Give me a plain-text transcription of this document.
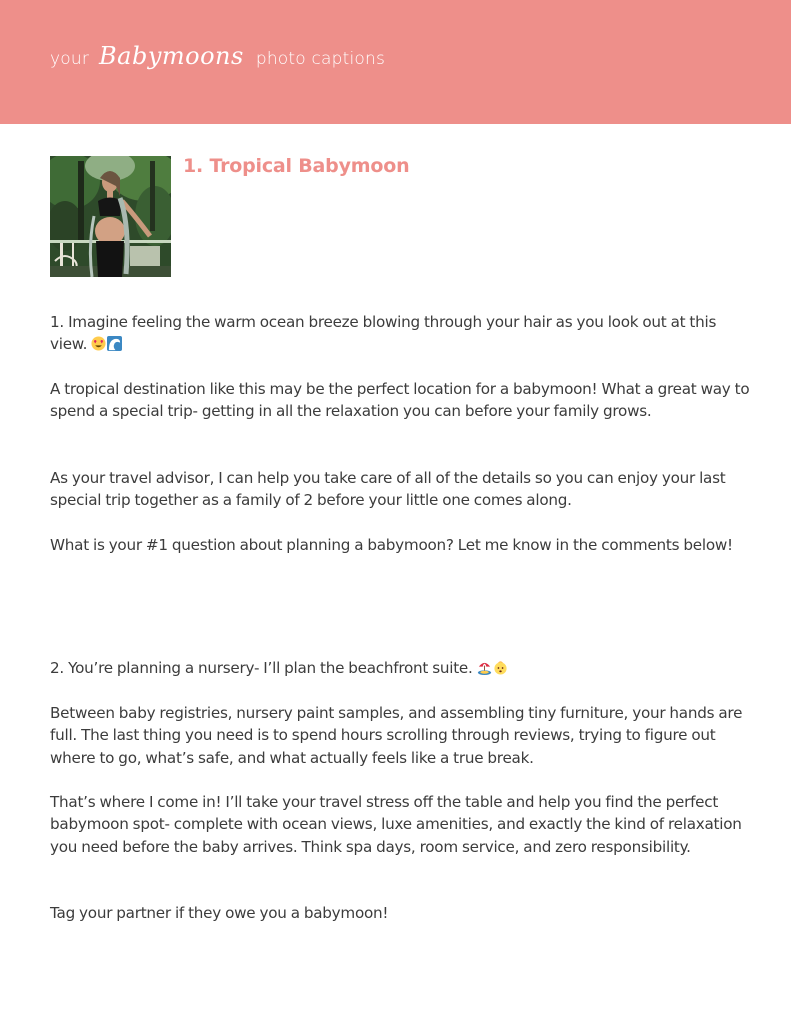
your Babymoons photo captions
1. Tropical Babymoon

1. Imagine feeling the warm ocean breeze blowing through your hair as you look out at this view.

A tropical destination like this may be the perfect location for a babymoon! What a great way to spend a special trip- getting in all the relaxation you can before your family grows.

As your travel advisor, I can help you take care of all of the details so you can enjoy your last special trip together as a family of 2 before your little one comes along.

What is your #1 question about planning a babymoon? Let me know in the comments below!

2. You’re planning a nursery- I’ll plan the beachfront suite.

Between baby registries, nursery paint samples, and assembling tiny furniture, your hands are full. The last thing you need is to spend hours scrolling through reviews, trying to figure out where to go, what’s safe, and what actually feels like a true break.

That’s where I come in! I’ll take your travel stress off the table and help you find the perfect babymoon spot- complete with ocean views, luxe amenities, and exactly the kind of relaxation you need before the baby arrives. Think spa days, room service, and zero responsibility.

Tag your partner if they owe you a babymoon!
